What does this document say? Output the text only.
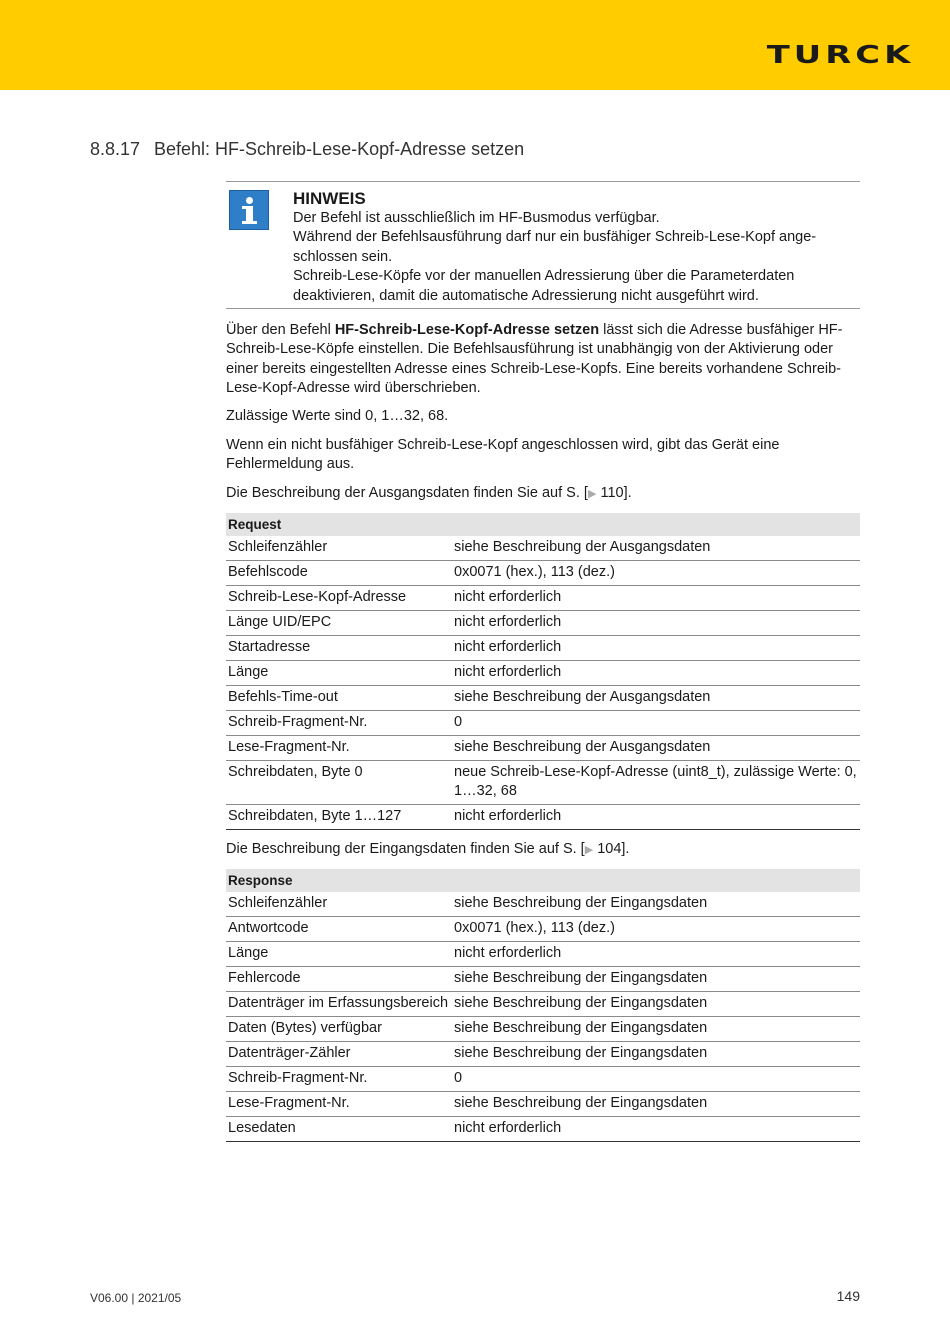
TURCK
8.8.17 Befehl: HF-Schreib-Lese-Kopf-Adresse setzen
HINWEIS

Der Befehl ist ausschließlich im HF-Busmodus verfügbar.

Während der Befehlsausführung darf nur ein busfähiger Schreib-Lese-Kopf ange-

schlossen sein.

Schreib-Lese-Köpfe vor der manuellen Adressierung über die Parameterdaten

deaktivieren, damit die automatische Adressierung nicht ausgeführt wird.

Über den Befehl HF-Schreib-Lese-Kopf-Adresse setzen lässt sich die Adresse busfähiger HF-Schreib-Lese-Köpfe einstellen. Die Befehlsausführung ist unabhängig von der Aktivierung oder einer bereits eingestellten Adresse eines Schreib-Lese-Kopfs. Eine bereits vorhandene Schreib-Lese-Kopf-Adresse wird überschrieben.

Zulässige Werte sind 0, 1…32, 68.

Wenn ein nicht busfähiger Schreib-Lese-Kopf angeschlossen wird, gibt das Gerät eine Fehlermeldung aus.

Die Beschreibung der Ausgangsdaten finden Sie auf S. [▶ 110].

Request	
Schleifenzähler	siehe Beschreibung der Ausgangsdaten
Befehlscode	0x0071 (hex.), 113 (dez.)
Schreib-Lese-Kopf-Adresse	nicht erforderlich
Länge UID/EPC	nicht erforderlich
Startadresse	nicht erforderlich
Länge	nicht erforderlich
Befehls-Time-out	siehe Beschreibung der Ausgangsdaten
Schreib-Fragment-Nr.	0
Lese-Fragment-Nr.	siehe Beschreibung der Ausgangsdaten
Schreibdaten, Byte 0	neue Schreib-Lese-Kopf-Adresse (uint8_t), zulässige Werte: 0, 1…32, 68
Schreibdaten, Byte 1…127	nicht erforderlich

Die Beschreibung der Eingangsdaten finden Sie auf S. [▶ 104].

Response	
Schleifenzähler	siehe Beschreibung der Eingangsdaten
Antwortcode	0x0071 (hex.), 113 (dez.)
Länge	nicht erforderlich
Fehlercode	siehe Beschreibung der Eingangsdaten
Datenträger im Erfassungsbereich	siehe Beschreibung der Eingangsdaten
Daten (Bytes) verfügbar	siehe Beschreibung der Eingangsdaten
Datenträger-Zähler	siehe Beschreibung der Eingangsdaten
Schreib-Fragment-Nr.	0
Lese-Fragment-Nr.	siehe Beschreibung der Eingangsdaten
Lesedaten	nicht erforderlich
V06.00 | 2021/05	149
